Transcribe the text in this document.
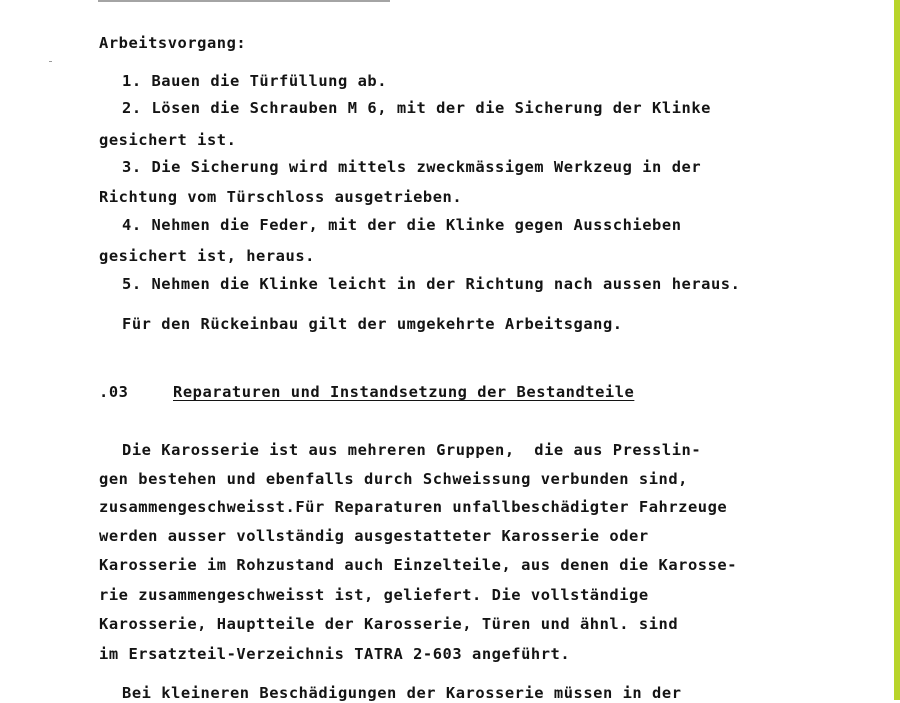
Arbeitsvorgang:
1. Bauen die Türfüllung ab.
2. Lösen die Schrauben M 6, mit der die Sicherung der Klinke
gesichert ist.
3. Die Sicherung wird mittels zweckmässigem Werkzeug in der
Richtung vom Türschloss ausgetrieben.
4. Nehmen die Feder, mit der die Klinke gegen Ausschieben
gesichert ist, heraus.
5. Nehmen die Klinke leicht in der Richtung nach aussen heraus.
Für den Rückeinbau gilt der umgekehrte Arbeitsgang.
.03	Reparaturen und Instandsetzung der Bestandteile
Die Karosserie ist aus mehreren Gruppen,  die aus Presslin-
gen bestehen und ebenfalls durch Schweissung verbunden sind,
zusammengeschweisst.Für Reparaturen unfallbeschädigter Fahrzeuge
werden ausser vollständig ausgestatteter Karosserie oder
Karosserie im Rohzustand auch Einzelteile, aus denen die Karosse-
rie zusammengeschweisst ist, geliefert. Die vollständige
Karosserie, Hauptteile der Karosserie, Türen und ähnl. sind
im Ersatzteil-Verzeichnis TATRA 2-603 angeführt.
Bei kleineren Beschädigungen der Karosserie müssen in der
